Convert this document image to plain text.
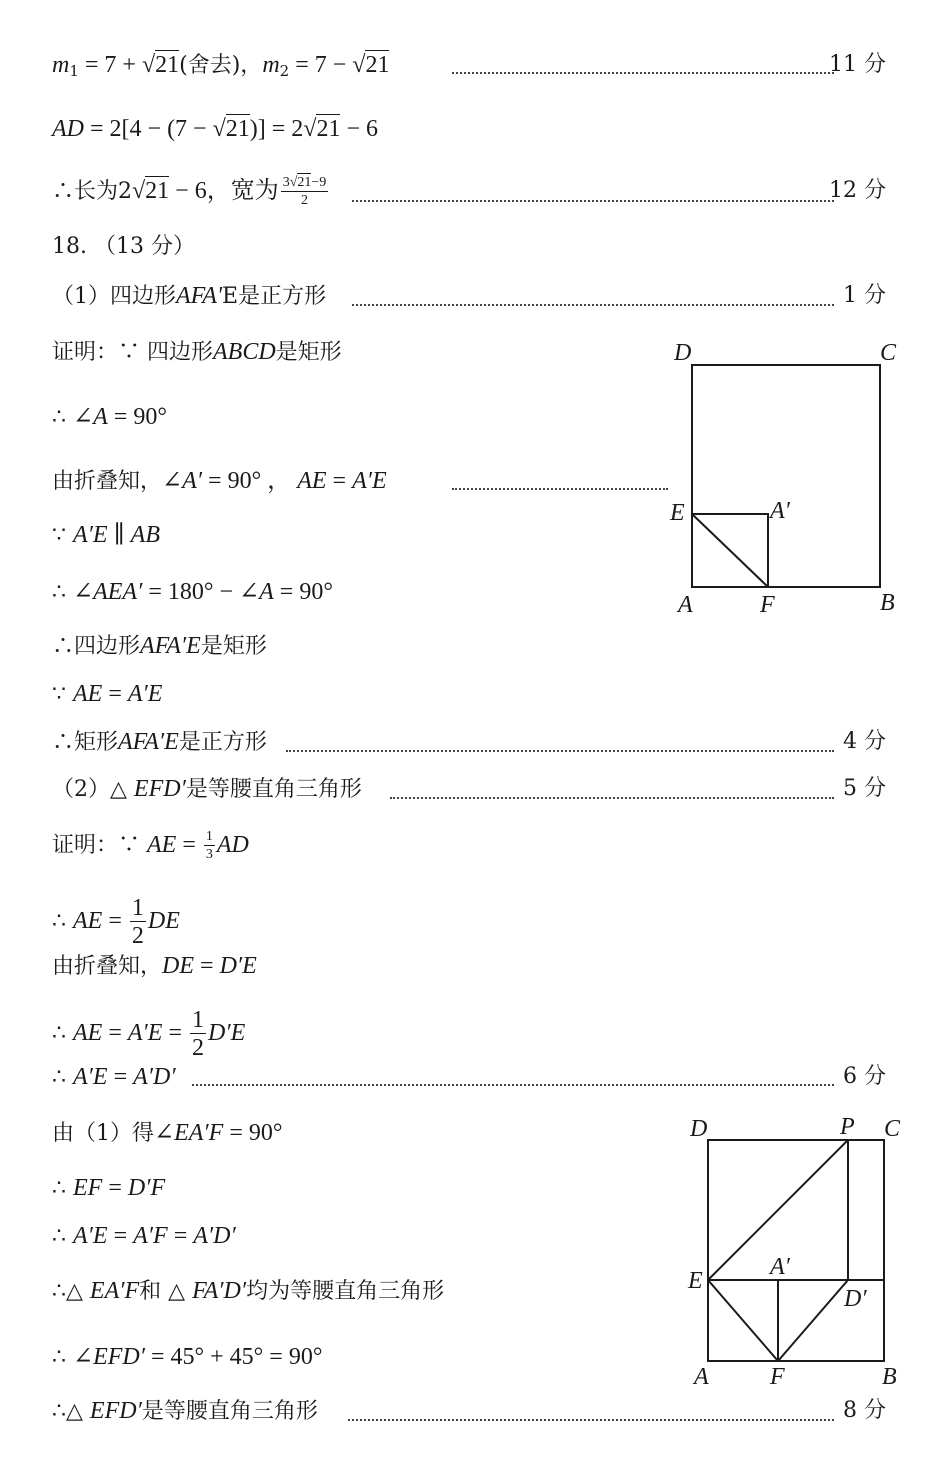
$m_1 = 7 + √21$(舍去)，$m_2 = 7 - √21$	11 分
AD = 2[4 − (7 − √21)] = 2√21 − 6
∴长为2√21 − 6，宽为 $\frac{3√21-9}{2}$	12 分
18. （13 分）
（1）四边形AFA'E是正方形	1 分
证明：∵ 四边形ABCD是矩形
∴ ∠A = 90°
由折叠知，∠A′ = 90° ， AE = A′E
∵ A′E ∥ AB
∴ ∠AEA′ = 180° − ∠A = 90°
∴四边形AFA′E是矩形
∵ AE = A′E
∴矩形AFA′E是正方形	4 分
（2）△ EFD′是等腰直角三角形	5 分
证明：∵ AE = $\frac{1}{3}$ AD
∴ AE = $\frac{1}{2}$ DE
由折叠知，DE = D′E
∴ AE = $A'E = \frac{1}{2} D'E$
∴ A′E = A′D′	6 分
由（1）得∠EA′F = 90°
∴ EF = D′F
∴ A′E = A′F = A′D′
∴△ EA′F和 △ FA′D′均为等腰直角三角形
∴ ∠EFD′ = 45° + 45° = 90°
∴△ EFD′是等腰直角三角形	8 分
D	C
E	A′
A	F	B
D	P C
E
A′
D′
A	F	B
